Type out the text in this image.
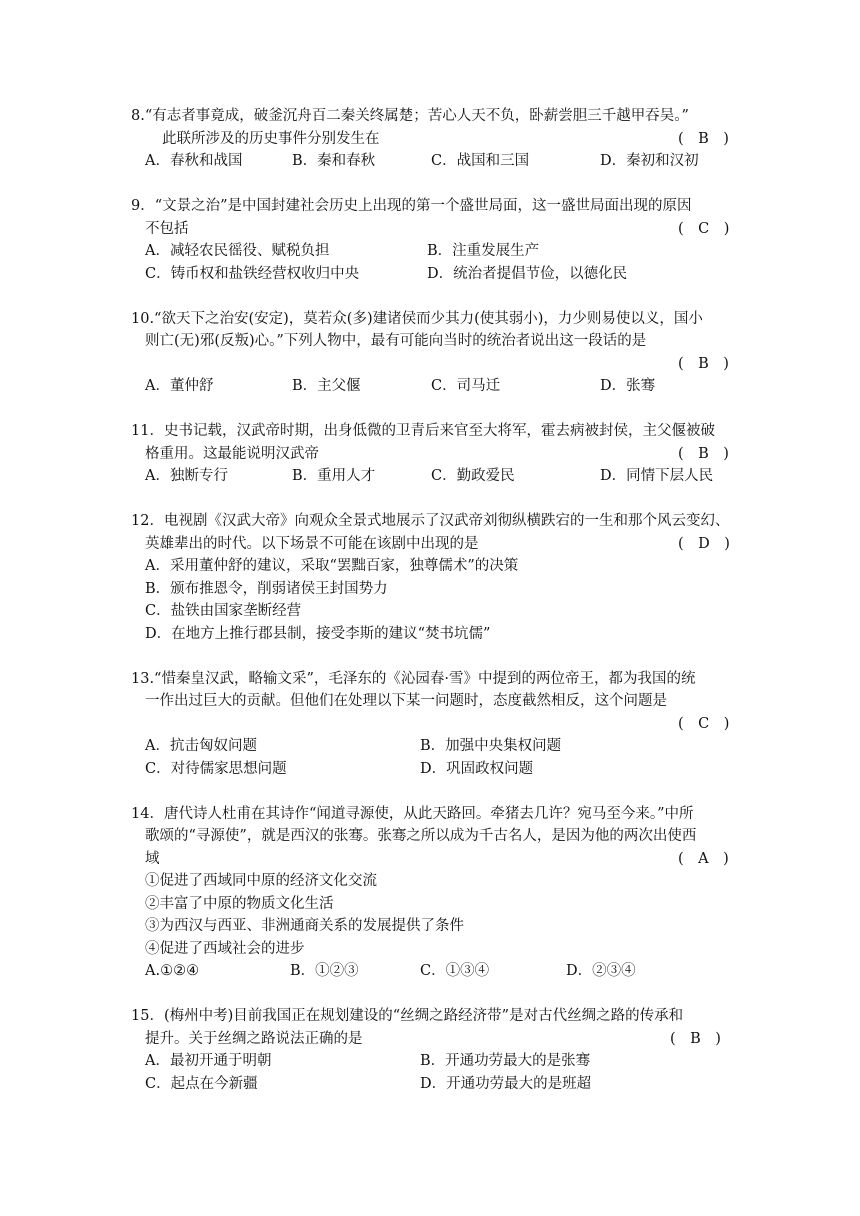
8.“有志者事竟成，破釜沉舟百二秦关终属楚；苦心人天不负，卧薪尝胆三千越甲吞吴。”
此联所涉及的历史事件分别发生在	(　B　)
A．春秋和战国	B．秦和春秋	C．战国和三国	D．秦初和汉初
9．“文景之治”是中国封建社会历史上出现的第一个盛世局面，这一盛世局面出现的原因
不包括	(　C　)
A．减轻农民徭役、赋税负担	B．注重发展生产
C．铸币权和盐铁经营权收归中央	D．统治者提倡节俭，以德化民
10.“欲天下之治安(安定)，莫若众(多)建诸侯而少其力(使其弱小)，力少则易使以义，国小
则亡(无)邪(反叛)心。”下列人物中，最有可能向当时的统治者说出这一段话的是
(　B　)
A．董仲舒	B．主父偃	C．司马迁	D．张骞
11．史书记载，汉武帝时期，出身低微的卫青后来官至大将军，霍去病被封侯，主父偃被破
格重用。这最能说明汉武帝	(　B　)
A．独断专行	B．重用人才	C．勤政爱民	D．同情下层人民
12．电视剧《汉武大帝》向观众全景式地展示了汉武帝刘彻纵横跌宕的一生和那个风云变幻、
英雄辈出的时代。以下场景不可能在该剧中出现的是	(　D　)
A．采用董仲舒的建议，采取“罢黜百家，独尊儒术”的决策
B．颁布推恩令，削弱诸侯王封国势力
C．盐铁由国家垄断经营
D．在地方上推行郡县制，接受李斯的建议“焚书坑儒”
13.“惜秦皇汉武，略输文采”，毛泽东的《沁园春·雪》中提到的两位帝王，都为我国的统
一作出过巨大的贡献。但他们在处理以下某一问题时，态度截然相反，这个问题是
(　C　)
A．抗击匈奴问题	B．加强中央集权问题
C．对待儒家思想问题	D．巩固政权问题
14．唐代诗人杜甫在其诗作“闻道寻源使，从此天路回。牵猪去几许？宛马至今来。”中所
歌颂的“寻源使”，就是西汉的张骞。张骞之所以成为千古名人，是因为他的两次出使西
域	(　A　)
①促进了西域同中原的经济文化交流
②丰富了中原的物质文化生活
③为西汉与西亚、非洲通商关系的发展提供了条件
④促进了西域社会的进步
A.①②④	B．①②③	C．①③④	D．②③④
15．(梅州中考)目前我国正在规划建设的“丝绸之路经济带”是对古代丝绸之路的传承和
提升。关于丝绸之路说法正确的是	(　B　)
A．最初开通于明朝	B．开通功劳最大的是张骞
C．起点在今新疆	D．开通功劳最大的是班超
